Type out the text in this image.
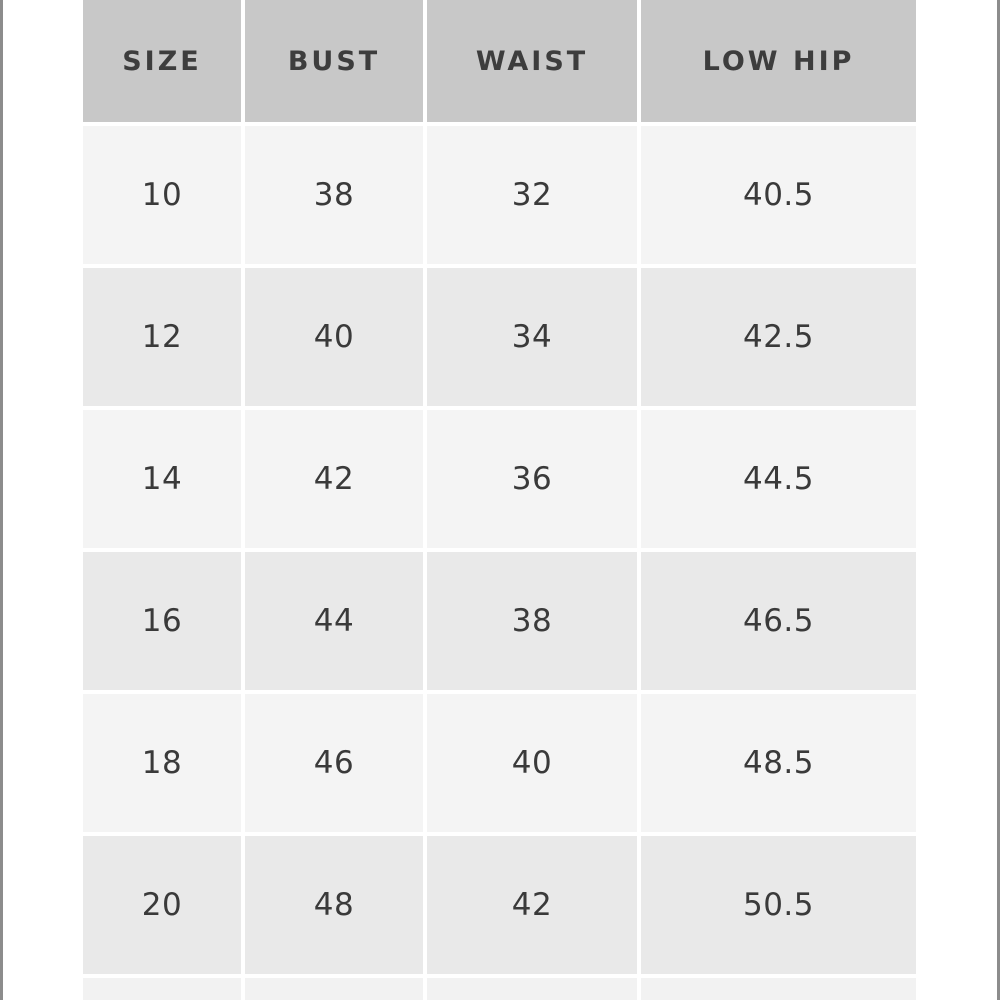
SIZE	BUST	WAIST	LOW HIP
10	38	32	40.5
12	40	34	42.5
14	42	36	44.5
16	44	38	46.5
18	46	40	48.5
20	48	42	50.5
